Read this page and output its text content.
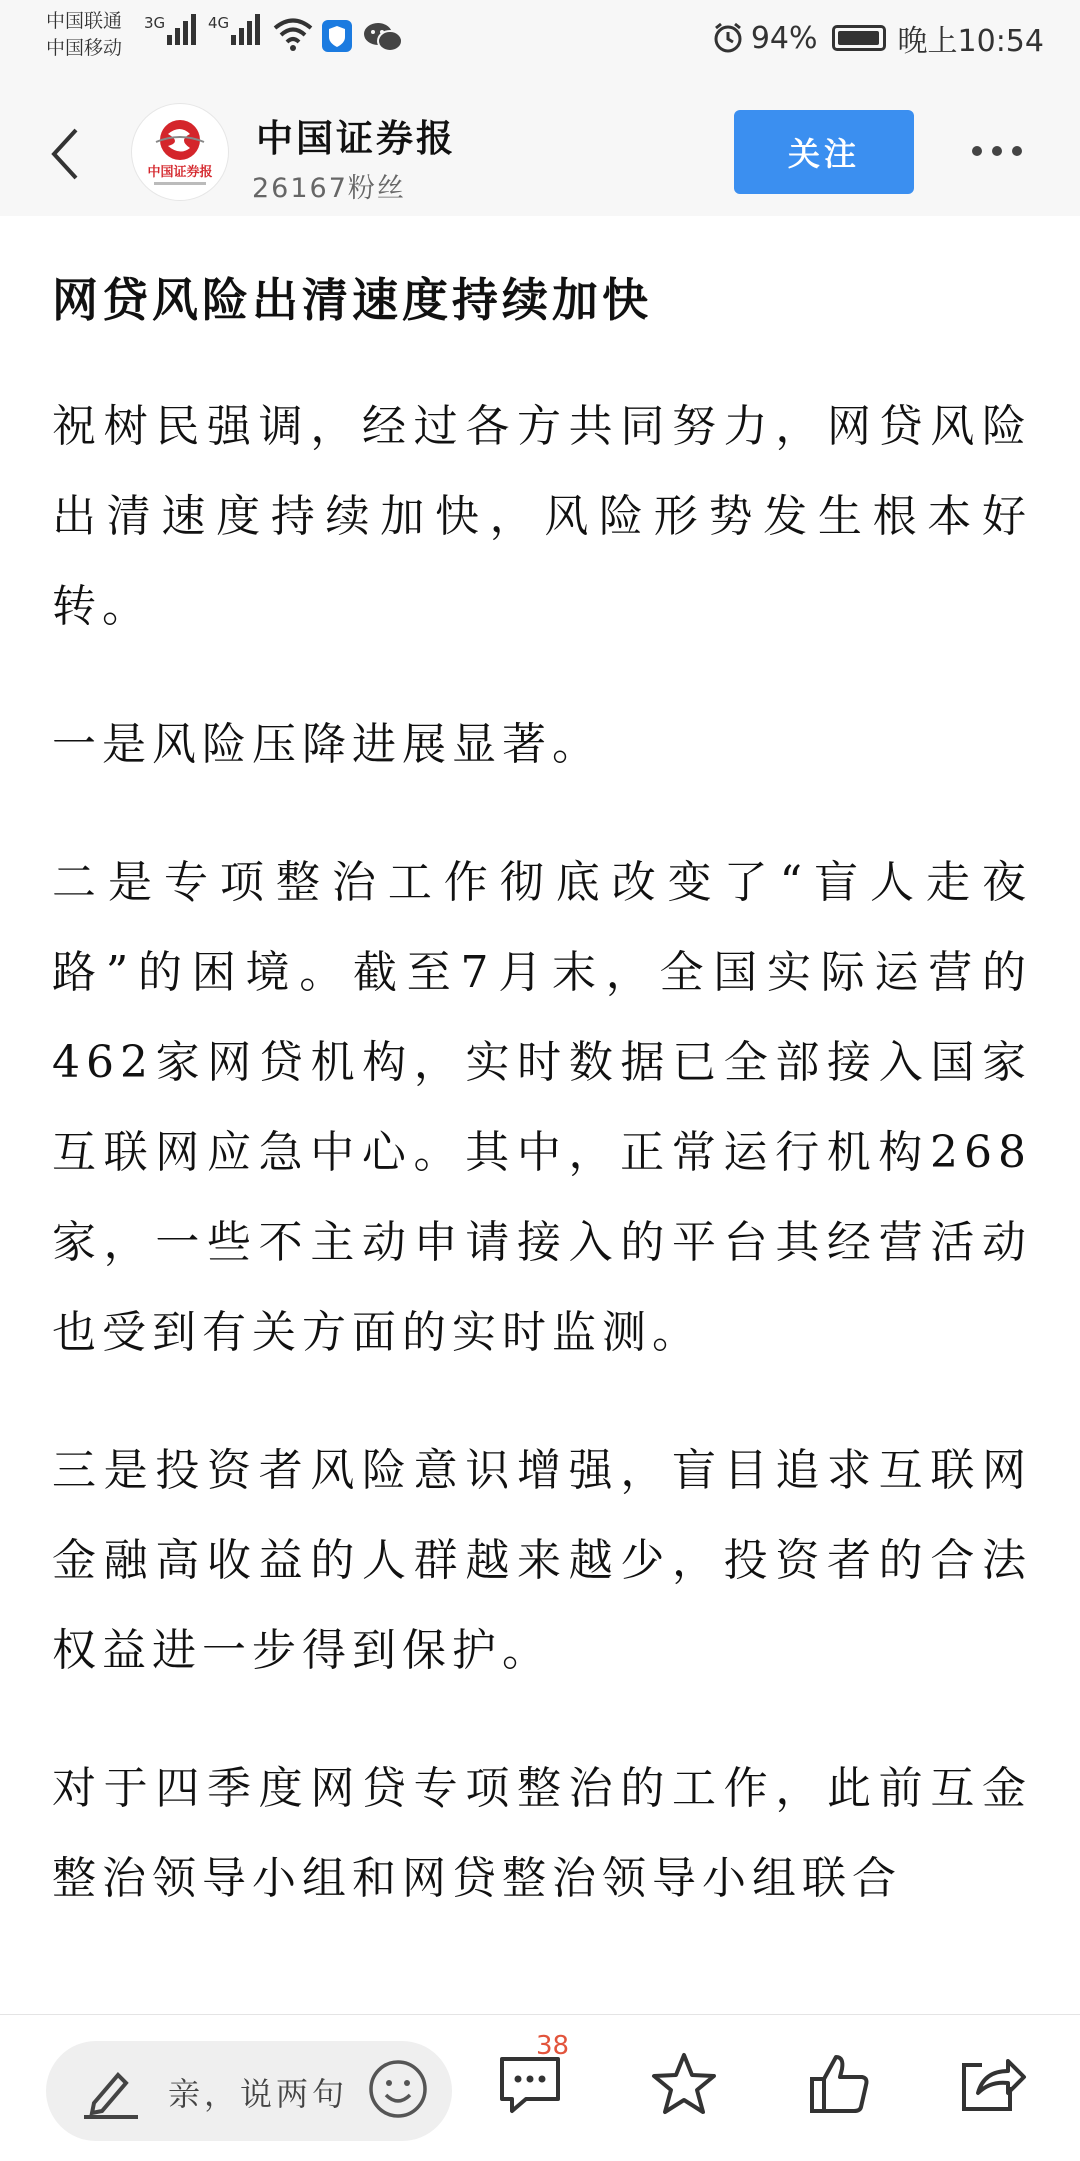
中国联通
中国移动
3G	4G	94%	晚上10:54
中国证券报
中国证券报
26167粉丝
关注
网贷风险出清速度持续加快

祝树民强调，经过各方共同努力，网贷风险出清速度持续加快，风险形势发生根本好转。

一是风险压降进展显著。

二是专项整治工作彻底改变了“盲人走夜路”的困境。截至7月末，全国实际运营的462家网贷机构，实时数据已全部接入国家互联网应急中心。其中，正常运行机构268家，一些不主动申请接入的平台其经营活动也受到有关方面的实时监测。

三是投资者风险意识增强，盲目追求互联网金融高收益的人群越来越少，投资者的合法权益进一步得到保护。

对于四季度网贷专项整治的工作，此前互金整治领导小组和网贷整治领导小组联合

亲，说两句
38
